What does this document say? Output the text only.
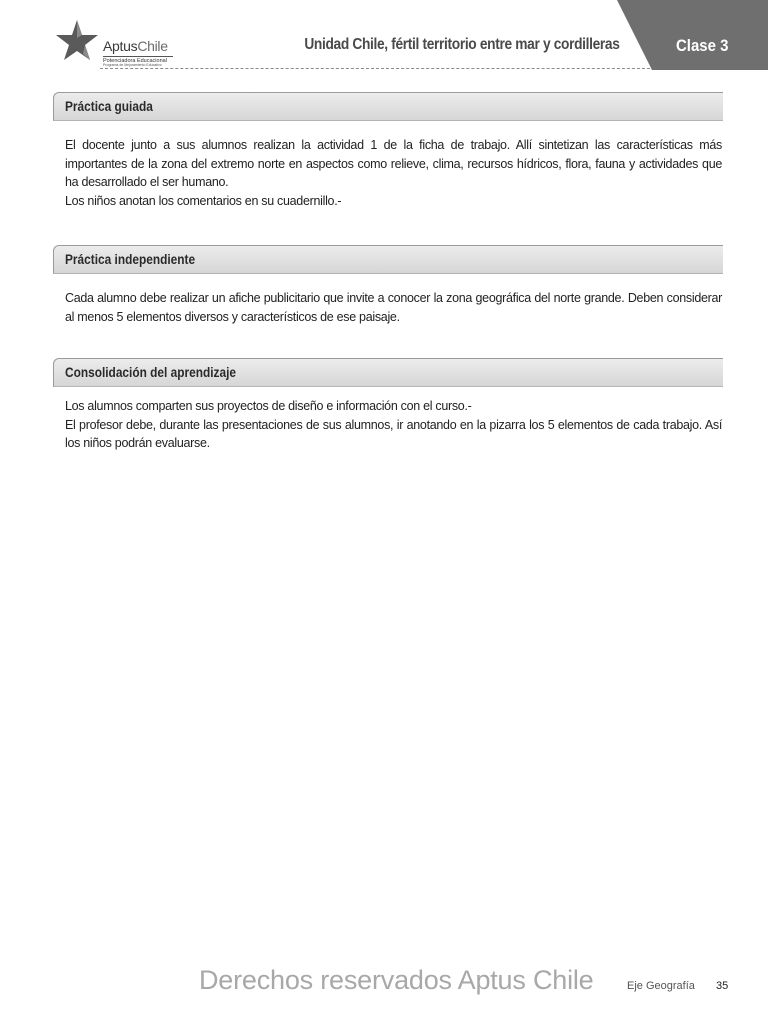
AptusChile
Potenciadora Educacional
Programa de Mejoramiento Educativo
Unidad Chile, fértil territorio entre mar y cordilleras	Clase 3
Práctica guiada

El docente junto a sus alumnos realizan la actividad 1 de la ficha de trabajo. Allí sintetizan las características más importantes de la zona del extremo norte en aspectos como relieve, clima, recursos hídricos, flora, fauna y actividades que ha desarrollado el ser humano.

Los niños anotan los comentarios en su cuadernillo.-

Práctica independiente

Cada alumno debe realizar un afiche publicitario que invite a conocer la zona geográfica del norte grande. Deben considerar al menos 5 elementos diversos y característicos de ese paisaje.

Consolidación del aprendizaje

Los alumnos comparten sus proyectos de diseño e información con el curso.-

El profesor debe, durante las presentaciones de sus alumnos, ir anotando en la pizarra los 5 elementos de cada trabajo. Así los niños podrán evaluarse.

Derechos reservados Aptus Chile	Eje Geografía 35
